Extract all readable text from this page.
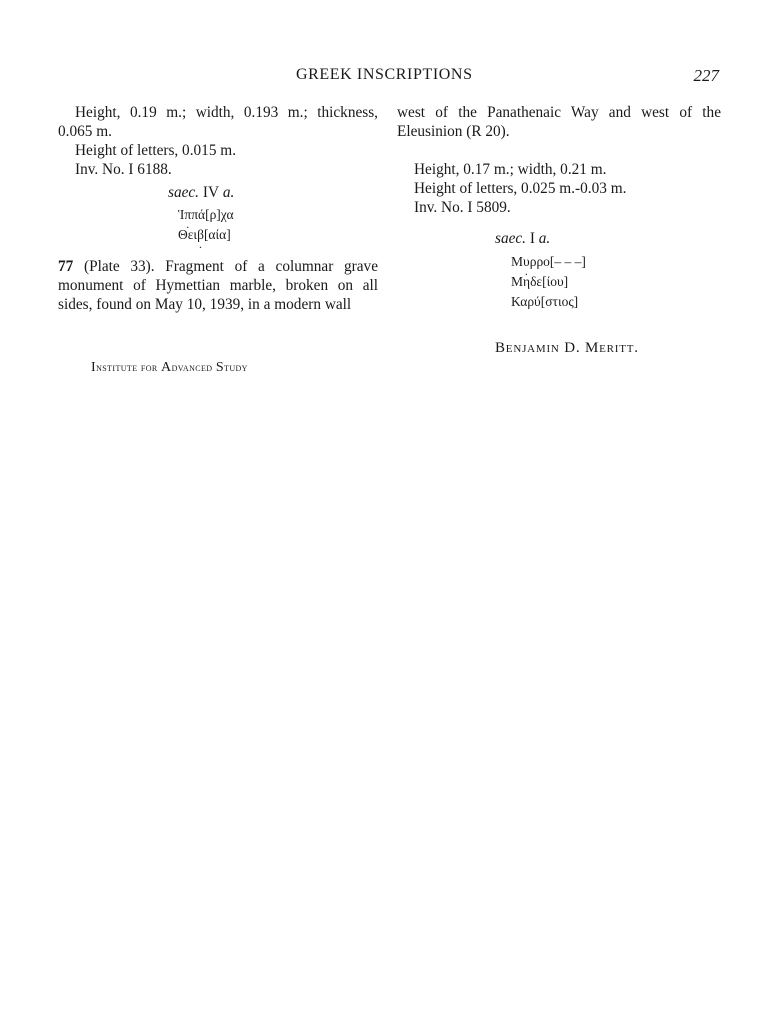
GREEK INSCRIPTIONS	227

Height, 0.19 m.; width, 0.193 m.; thickness, 0.065 m.

Height of letters, 0.015 m.

Inv. No. I 6188.

saec. IV a.

Ἱπ .πά[ρ]χα

Θειβ .[αία]

77 (Plate 33). Fragment of a columnar grave monument of Hymettian marble, broken on all sides, found on May 10, 1939, in a modern wall

west of the Panathenaic Way and west of the Eleusinion (R 20).

Height, 0.17 m.; width, 0.21 m.

Height of letters, 0.025 m.-0.03 m.

Inv. No. I 5809.

saec. I a.

Μυ .ρρο[– – –]

Μηδε[ίου]

Καρύ[στιος]

Institute for Advanced Study
Benjamin D. Meritt.
